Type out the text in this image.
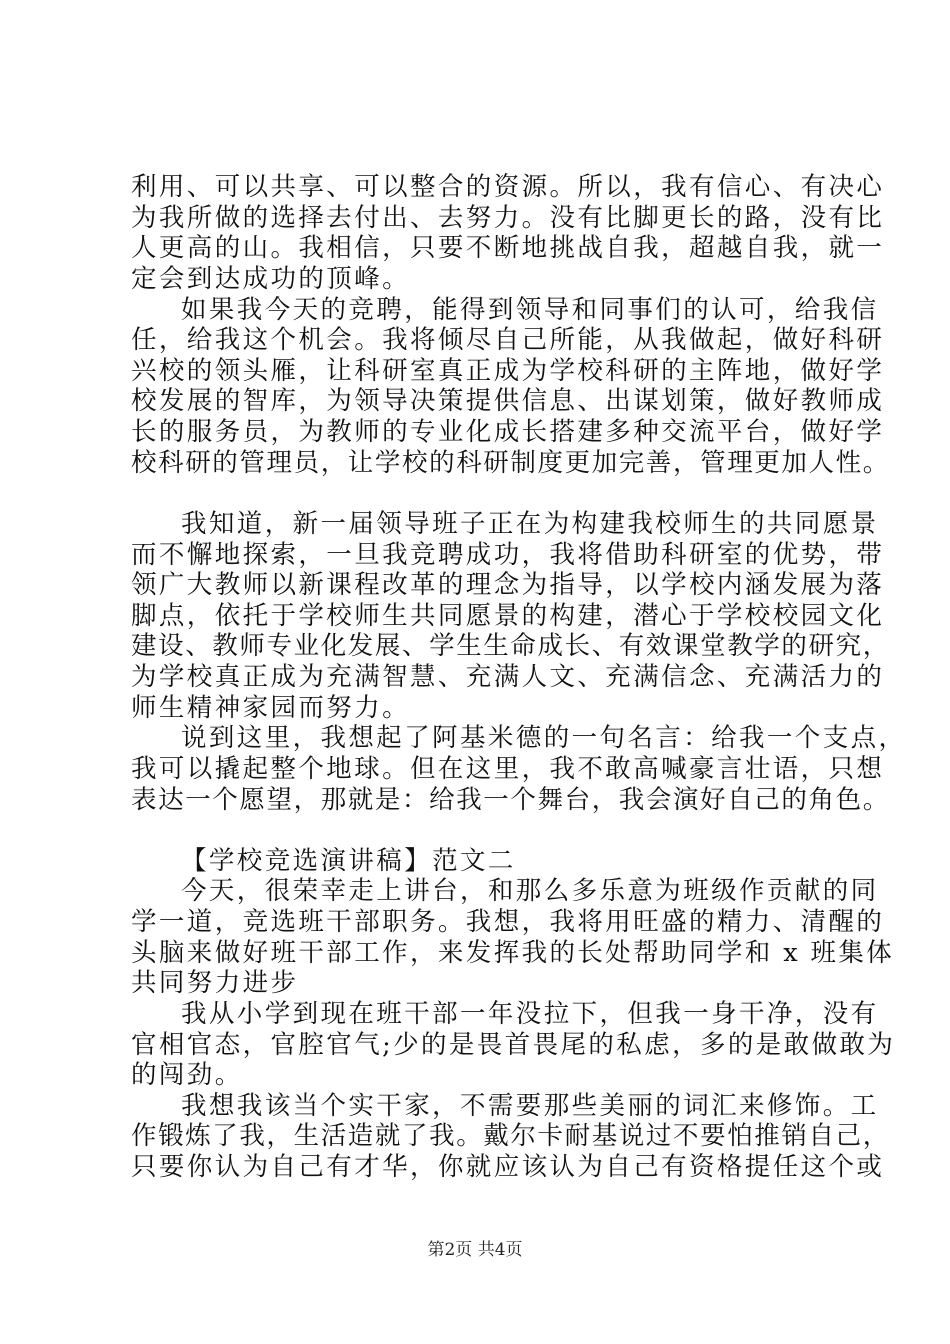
利用、可以共享、可以整合的资源。所以，我有信心、有决心
为我所做的选择去付出、去努力。没有比脚更长的路，没有比
人更高的山。我相信，只要不断地挑战自我，超越自我，就一
定会到达成功的顶峰。
如果我今天的竞聘，能得到领导和同事们的认可，给我信
任，给我这个机会。我将倾尽自己所能，从我做起，做好科研
兴校的领头雁，让科研室真正成为学校科研的主阵地，做好学
校发展的智库，为领导决策提供信息、出谋划策，做好教师成
长的服务员，为教师的专业化成长搭建多种交流平台，做好学
校科研的管理员，让学校的科研制度更加完善，管理更加人性。
我知道，新一届领导班子正在为构建我校师生的共同愿景
而不懈地探索，一旦我竞聘成功，我将借助科研室的优势，带
领广大教师以新课程改革的理念为指导，以学校内涵发展为落
脚点，依托于学校师生共同愿景的构建，潜心于学校校园文化
建设、教师专业化发展、学生生命成长、有效课堂教学的研究，
为学校真正成为充满智慧、充满人文、充满信念、充满活力的
师生精神家园而努力。
说到这里，我想起了阿基米德的一句名言：给我一个支点，
我可以撬起整个地球。但在这里，我不敢高喊豪言壮语，只想
表达一个愿望，那就是：给我一个舞台，我会演好自己的角色。
【学校竞选演讲稿】范文二
今天，很荣幸走上讲台，和那么多乐意为班级作贡献的同
学一道，竞选班干部职务。我想，我将用旺盛的精力、清醒的
头脑来做好班干部工作，来发挥我的长处帮助同学和 x 班集体
共同努力进步
我从小学到现在班干部一年没拉下，但我一身干净，没有
官相官态，官腔官气;少的是畏首畏尾的私虑，多的是敢做敢为
的闯劲。
我想我该当个实干家，不需要那些美丽的词汇来修饰。工
作锻炼了我，生活造就了我。戴尔卡耐基说过不要怕推销自己，
只要你认为自己有才华，你就应该认为自己有资格提任这个或
第2页 共4页
